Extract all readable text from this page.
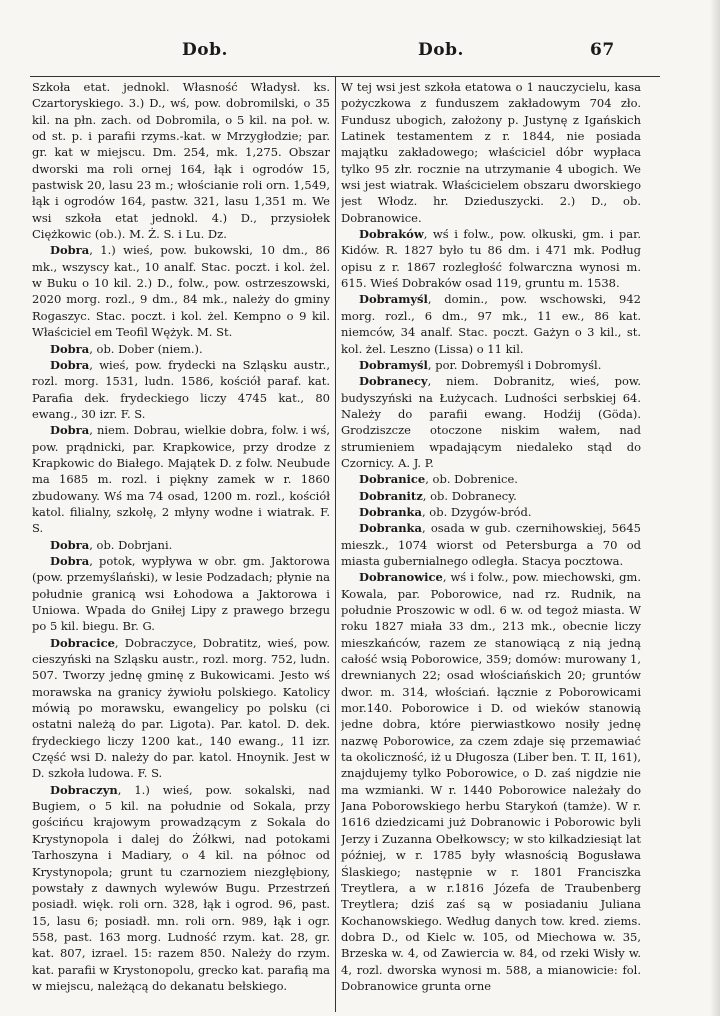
Dob.	Dob.	67

Szkoła etat. jednokl. Własność Władysł. ks. Czartoryskiego. 3.) D., wś, pow. dobromilski, o 35 kil. na płn. zach. od Dobromila, o 5 kil. na poł. w. od st. p. i parafii rzyms.-kat. w Mrzygłodzie; par. gr. kat w miejscu. Dm. 254, mk. 1,275. Obszar dworski ma roli ornej 164, łąk i ogrodów 15, pastwisk 20, lasu 23 m.; włościanie roli orn. 1,549, łąk i ogrodów 164, pastw. 321, lasu 1,351 m. We wsi szkoła etat jednokl. 4.) D., przysiołek Ciężkowic (ob.). M. Ż. S. i Lu. Dz.

Dobra, 1.) wieś, pow. bukowski, 10 dm., 86 mk., wszyscy kat., 10 analf. Stac. poczt. i kol. żel. w Buku o 10 kil. 2.) D., folw., pow. ostrzeszowski, 2020 morg. rozl., 9 dm., 84 mk., należy do gminy Rogaszyc. Stac. poczt. i kol. żel. Kempno o 9 kil. Właściciel em Teofil Wężyk. M. St.

Dobra, ob. Dober (niem.).

Dobra, wieś, pow. frydecki na Szląsku austr., rozl. morg. 1531, ludn. 1586, kościół paraf. kat. Parafia dek. frydeckiego liczy 4745 kat., 80 ewang., 30 izr. F. S.

Dobra, niem. Dobrau, wielkie dobra, folw. i wś, pow. prądnicki, par. Krapkowice, przy drodze z Krapkowic do Białego. Majątek D. z folw. Neubude ma 1685 m. rozl. i piękny zamek w r. 1860 zbudowany. Wś ma 74 osad, 1200 m. rozl., kościół katol. filialny, szkołę, 2 młyny wodne i wiatrak. F. S.

Dobra, ob. Dobrjani.

Dobra, potok, wypływa w obr. gm. Jaktorowa (pow. przemyślański), w lesie Podzadach; płynie na południe granicą wsi Łohodowa a Jaktorowa i Uniowa. Wpada do Gniłej Lipy z prawego brzegu po 5 kil. biegu. Br. G.

Dobracice, Dobraczyce, Dobratitz, wieś, pow. cieszyński na Szląsku austr., rozl. morg. 752, ludn. 507. Tworzy jednę gminę z Bukowicami. Jesto wś morawska na granicy żywiołu polskiego. Katolicy mówią po morawsku, ewangelicy po polsku (ci ostatni należą do par. Ligota). Par. katol. D. dek. frydeckiego liczy 1200 kat., 140 ewang., 11 izr. Część wsi D. należy do par. katol. Hnoynik. Jest w D. szkoła ludowa. F. S.

Dobraczyn, 1.) wieś, pow. sokalski, nad Bugiem, o 5 kil. na południe od Sokala, przy gościńcu krajowym prowadzącym z Sokala do Krystynopola i dalej do Żółkwi, nad potokami Tarhoszyna i Madiary, o 4 kil. na północ od Krystynopola; grunt tu czarnoziem niezgłębiony, powstały z dawnych wylewów Bugu. Przestrzeń posiadł. więk. roli orn. 328, łąk i ogrod. 96, past. 15, lasu 6; posiadł. mn. roli orn. 989, łąk i ogr. 558, past. 163 morg. Ludność rzym. kat. 28, gr. kat. 807, izrael. 15: razem 850. Należy do rzym. kat. parafii w Krystonopolu, grecko kat. parafią ma w miejscu, należącą do dekanatu bełskiego.

W tej wsi jest szkoła etatowa o 1 nauczycielu, kasa pożyczkowa z funduszem zakładowym 704 zło. Fundusz ubogich, założony p. Justynę z Igańskich Latinek testamentem z r. 1844, nie posiada majątku zakładowego; właściciel dóbr wypłaca tylko 95 złr. rocznie na utrzymanie 4 ubogich. We wsi jest wiatrak. Właścicielem obszaru dworskiego jest Włodz. hr. Dzieduszycki. 2.) D., ob. Dobranowice.

Dobraków, wś i folw., pow. olkuski, gm. i par. Kidów. R. 1827 było tu 86 dm. i 471 mk. Podług opisu z r. 1867 rozległość folwarczna wynosi m. 615. Wieś Dobraków osad 119, gruntu m. 1538.

Dobramyśl, domin., pow. wschowski, 942 morg. rozl., 6 dm., 97 mk., 11 ew., 86 kat. niemców, 34 analf. Stac. poczt. Gażyn o 3 kil., st. kol. żel. Leszno (Lissa) o 11 kil.

Dobramyśl, por. Dobremyśl i Dobromyśl.

Dobranecy, niem. Dobranitz, wieś, pow. budyszyński na Łużycach. Ludności serbskiej 64. Należy do parafii ewang. Hodźij (Göda). Grodziszcze otoczone niskim wałem, nad strumieniem wpadającym niedaleko stąd do Czornicy. A. J. P.

Dobranice, ob. Dobrenice.

Dobranitz, ob. Dobranecy.

Dobranka, ob. Dzygów-bród.

Dobranka, osada w gub. czernihowskiej, 5645 mieszk., 1074 wiorst od Petersburga a 70 od miasta gubernialnego odległa. Stacya pocztowa.

Dobranowice, wś i folw., pow. miechowski, gm. Kowala, par. Poborowice, nad rz. Rudnik, na południe Proszowic w odl. 6 w. od tegoż miasta. W roku 1827 miała 33 dm., 213 mk., obecnie liczy mieszkańców, razem ze stanowiącą z nią jedną całość wsią Poborowice, 359; domów: murowany 1, drewnianych 22; osad włościańskich 20; gruntów dwor. m. 314, włościań. łącznie z Poborowicami mor.140. Poborowice i D. od wieków stanowią jedne dobra, które pierwiastkowo nosiły jednę nazwę Poborowice, za czem zdaje się przemawiać ta okoliczność, iż u Długosza (Liber ben. T. II, 161), znajdujemy tylko Poborowice, o D. zaś nigdzie nie ma wzmianki. W r. 1440 Poborowice należały do Jana Poborowskiego herbu Starykoń (tamże). W r. 1616 dziedzicami już Dobranowic i Poborowic byli Jerzy i Zuzanna Obełkowscy; w sto kilkadziesiąt lat później, w r. 1785 były własnością Bogusława Ślaskiego; następnie w r. 1801 Franciszka Treytlera, a w r.1816 Józefa de Traubenberg Treytlera; dziś zaś są w posiadaniu Juliana Kochanowskiego. Według danych tow. kred. ziems. dobra D., od Kielc w. 105, od Miechowa w. 35, Brzeska w. 4, od Zawiercia w. 84, od rzeki Wisły w. 4, rozl. dworska wynosi m. 588, a mianowicie: fol. Dobranowice grunta orne
